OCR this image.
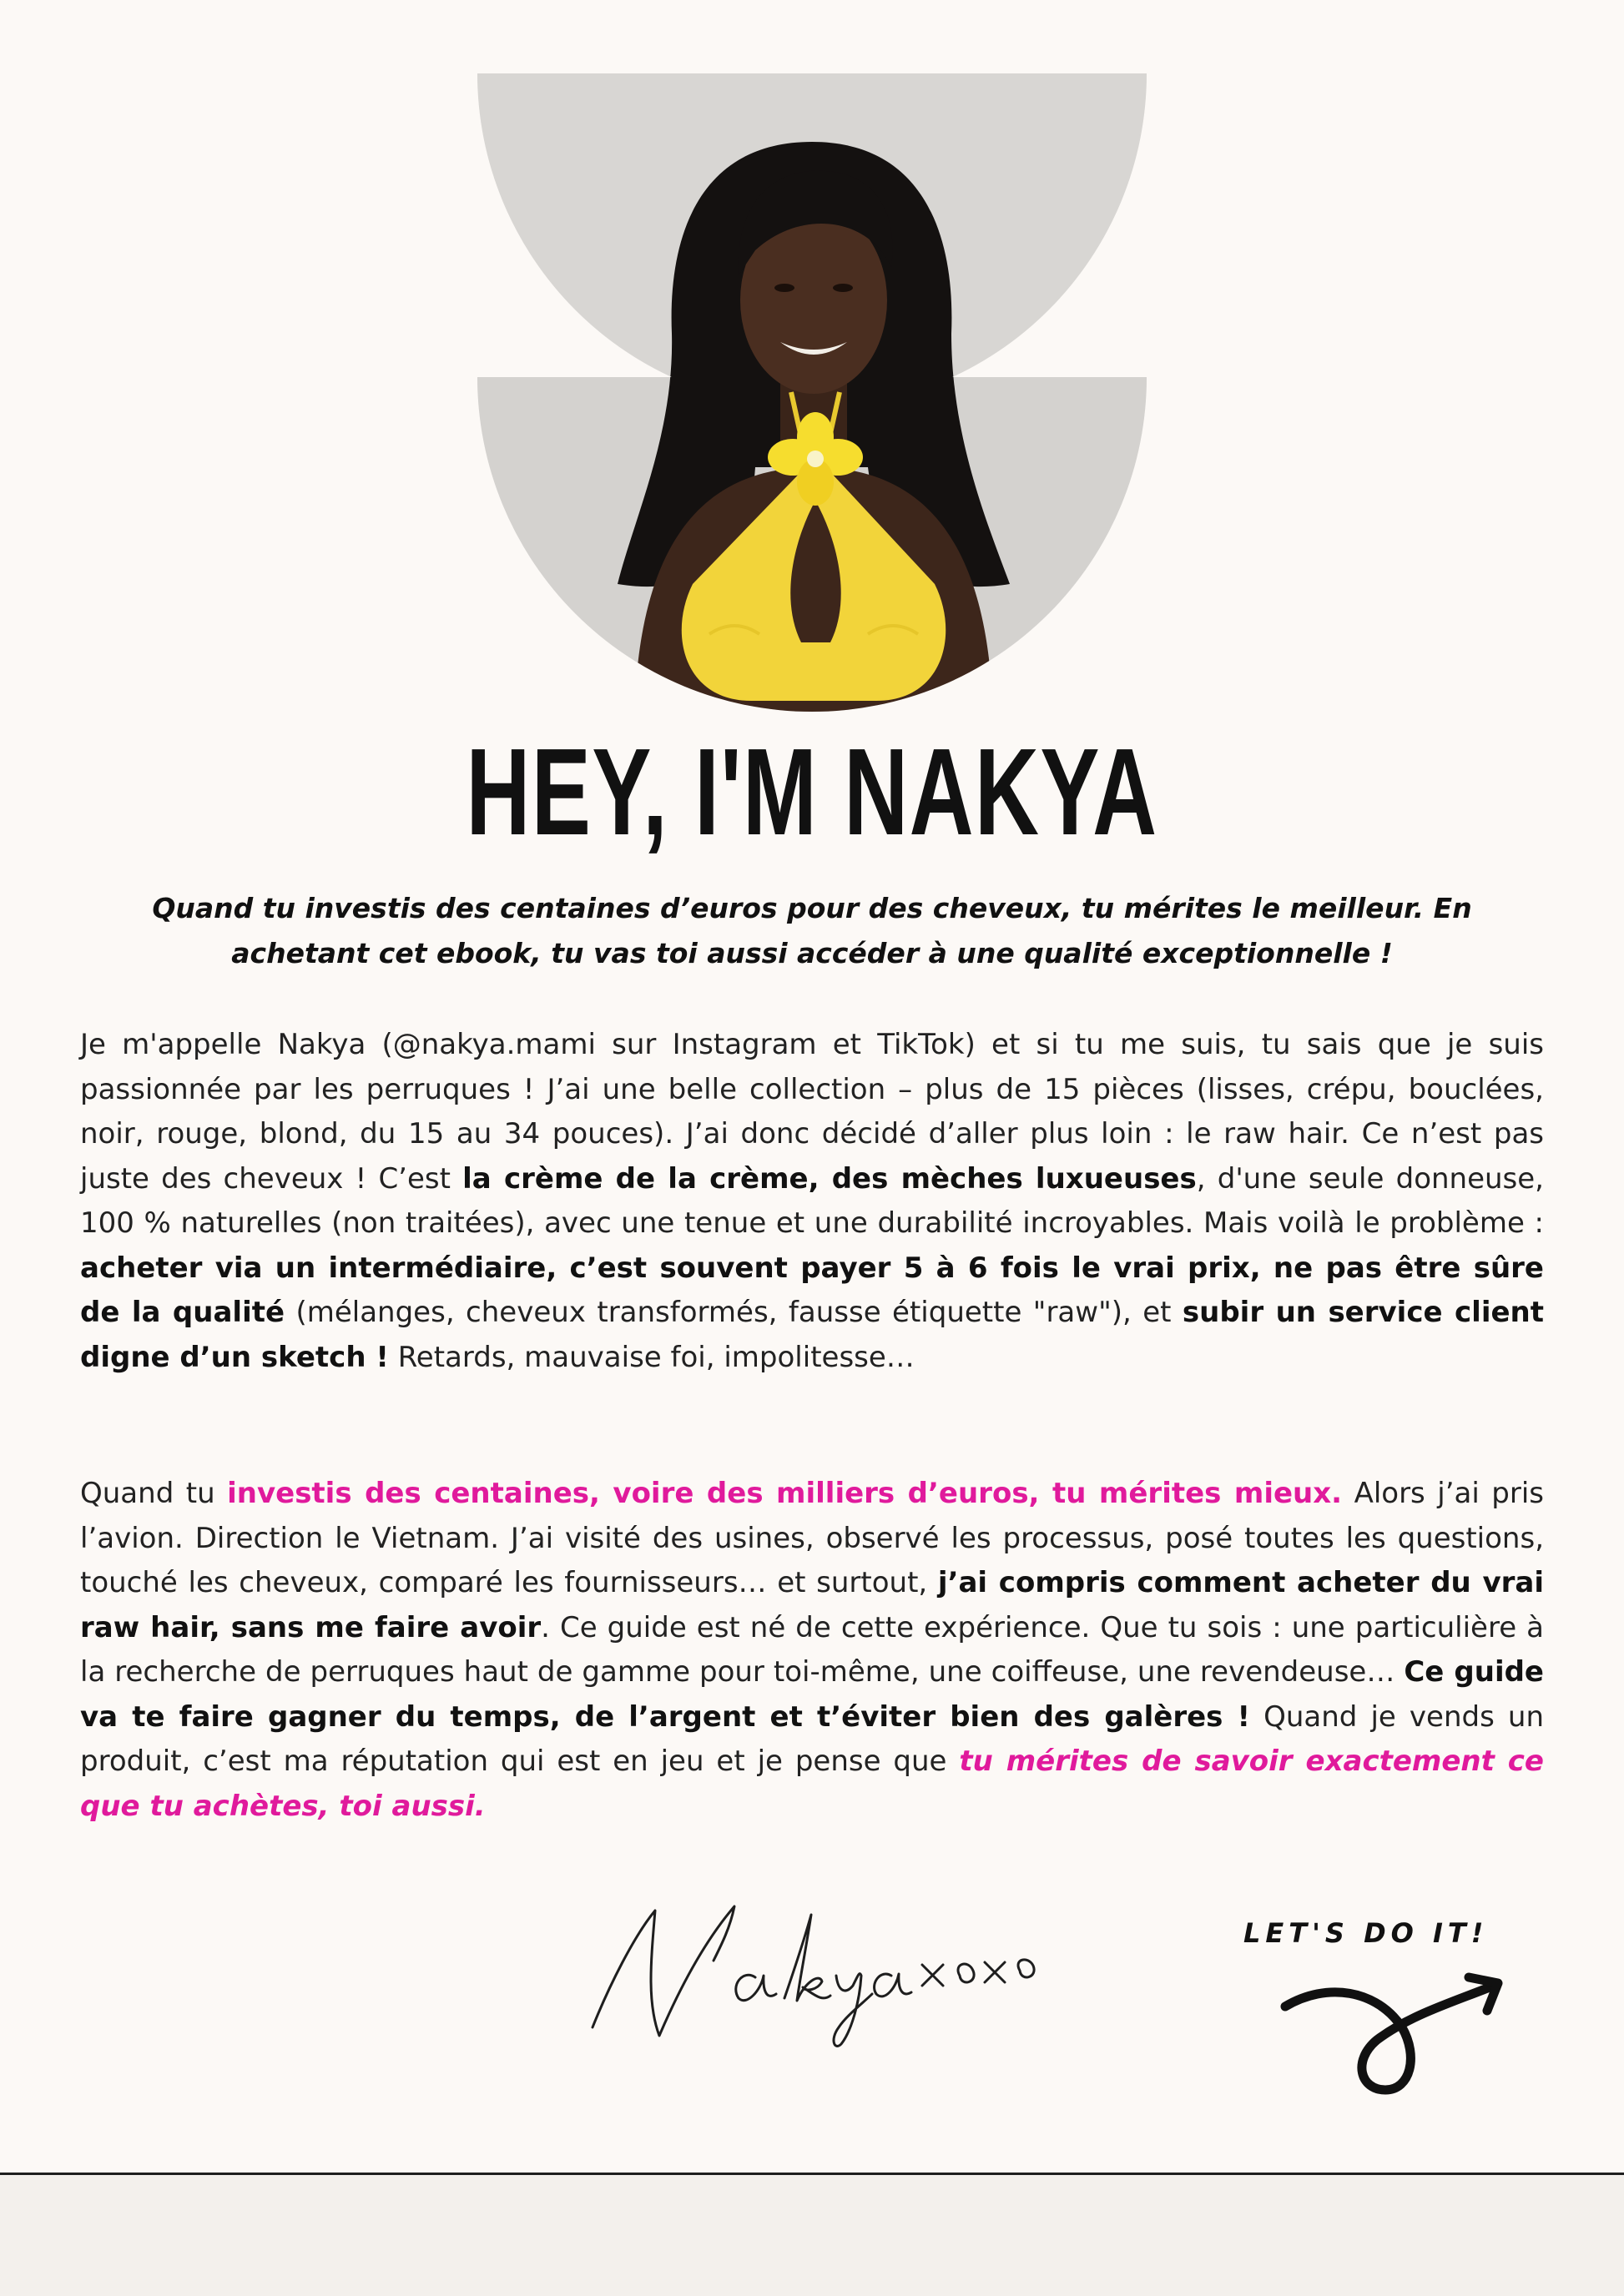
HEY, I'M NAKYA

Quand tu investis des centaines d’euros pour des cheveux, tu mérites le meilleur. En achetant cet ebook, tu vas toi aussi accéder à une qualité exceptionnelle !

Je m'appelle Nakya (@nakya.mami sur Instagram et TikTok) et si tu me suis, tu sais que je suis passionnée par les perruques ! J’ai une belle collection – plus de 15 pièces (lisses, crépu, bouclées, noir, rouge, blond, du 15 au 34 pouces). J’ai donc décidé d’aller plus loin : le raw hair. Ce n’est pas juste des cheveux ! C’est la crème de la crème, des mèches luxueuses, d'une seule donneuse, 100 % naturelles (non traitées), avec une tenue et une durabilité incroyables. Mais voilà le problème : acheter via un intermédiaire, c’est souvent payer 5 à 6 fois le vrai prix, ne pas être sûre de la qualité (mélanges, cheveux transformés, fausse étiquette "raw"), et subir un service client digne d’un sketch ! Retards, mauvaise foi, impolitesse…

Quand tu investis des centaines, voire des milliers d’euros, tu mérites mieux. Alors j’ai pris l’avion. Direction le Vietnam. J’ai visité des usines, observé les processus, posé toutes les questions, touché les cheveux, comparé les fournisseurs… et surtout, j’ai compris comment acheter du vrai raw hair, sans me faire avoir. Ce guide est né de cette expérience. Que tu sois : une particulière à la recherche de perruques haut de gamme pour toi-même, une coiffeuse, une revendeuse… Ce guide va te faire gagner du temps, de l’argent et t’éviter bien des galères ! Quand je vends un produit, c’est ma réputation qui est en jeu et je pense que tu mérites de savoir exactement ce que tu achètes, toi aussi.

LET'S DO IT!
